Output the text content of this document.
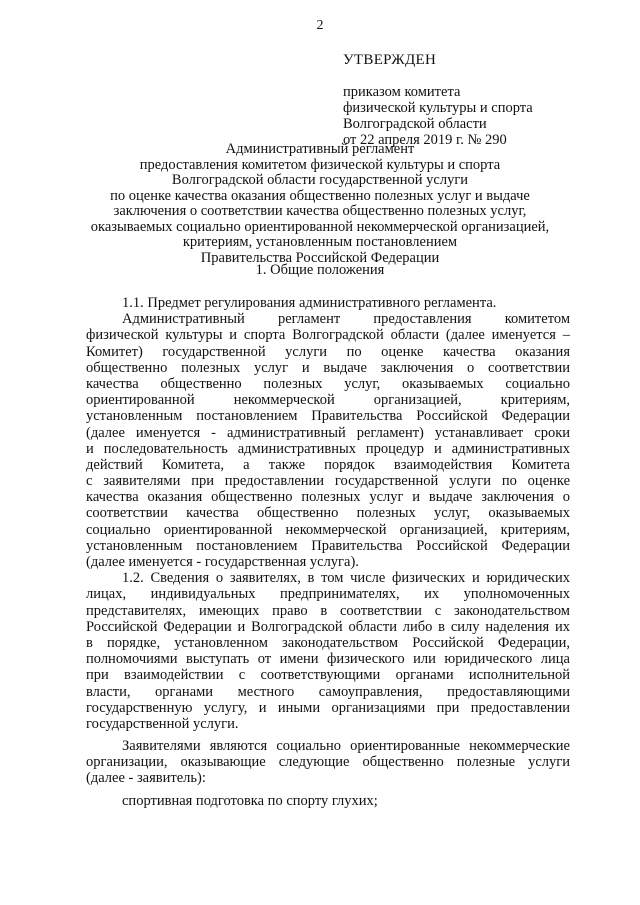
2
УТВЕРЖДЕН
приказом комитета
физической культуры и спорта
Волгоградской области
от 22 апреля 2019 г. № 290
Административный регламент
предоставления комитетом физической культуры и спорта
Волгоградской области государственной услуги
по оценке качества оказания общественно полезных услуг и выдаче
заключения о соответствии качества общественно полезных услуг,
оказываемых социально ориентированной некоммерческой организацией,
критериям, установленным постановлением
Правительства Российской Федерации
1. Общие положения
1.1. Предмет регулирования административного регламента.
Административный регламент предоставления комитетом
физической культуры и спорта Волгоградской области (далее именуется –
Комитет) государственной услуги по оценке качества оказания
общественно полезных услуг и выдаче заключения о соответствии
качества общественно полезных услуг, оказываемых социально
ориентированной некоммерческой организацией, критериям,
установленным постановлением Правительства Российской Федерации
(далее именуется - административный регламент) устанавливает сроки
и последовательность административных процедур и административных
действий Комитета, а также порядок взаимодействия Комитета
с заявителями при предоставлении государственной услуги по оценке
качества оказания общественно полезных услуг и выдаче заключения о
соответствии качества общественно полезных услуг, оказываемых
социально ориентированной некоммерческой организацией, критериям,
установленным постановлением Правительства Российской Федерации
(далее именуется - государственная услуга).
1.2. Сведения о заявителях, в том числе физических и юридических
лицах, индивидуальных предпринимателях, их уполномоченных
представителях, имеющих право в соответствии с законодательством
Российской Федерации и Волгоградской области либо в силу наделения их
в порядке, установленном законодательством Российской Федерации,
полномочиями выступать от имени физического или юридического лица
при взаимодействии с соответствующими органами исполнительной
власти, органами местного самоуправления, предоставляющими
государственную услугу, и иными организациями при предоставлении
государственной услуги.
Заявителями являются социально ориентированные некоммерческие
организации, оказывающие следующие общественно полезные услуги
(далее - заявитель):
спортивная подготовка по спорту глухих;
